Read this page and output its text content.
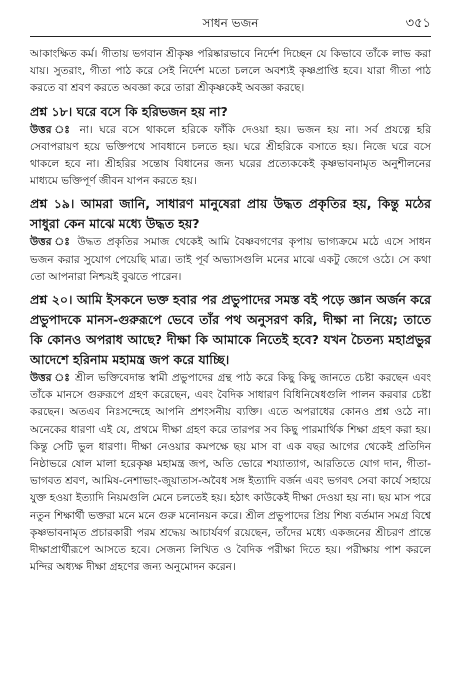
সাধন ভজন	৩৫১

আকাংক্ষিত কর্ম। গীতায় ভগবান শ্রীকৃষ্ণ পরিষ্কারভাবে নির্দেশ দিচ্ছেন যে কিভাবে তাঁকে লাভ করা যায়। সুতরাং, গীতা পাঠ করে সেই নির্দেশ মতো চললে অবশ্যই কৃষ্ণপ্রাপ্তি হবে। যারা গীতা পাঠ করতে বা শ্রবণ করতে অবজ্ঞা করে তারা শ্রীকৃষ্ণকেই অবজ্ঞা করছে।

প্রশ্ন ১৮। ঘরে বসে কি হরিভজন হয় না?

উত্তর ঃ না। ঘরে বসে থাকলে হরিকে ফাঁকি দেওয়া হয়। ভজন হয় না। সর্ব প্রযত্নে হরি সেবাপরায়ণ হয়ে ভক্তিপথে সাবধানে চলতে হয়। ঘরে শ্রীহরিকে বসাতে হয়। নিজে ঘরে বসে থাকলে হবে না। শ্রীহরির সন্তোষ বিধানের জন্য ঘরের প্রত্যেককেই কৃষ্ণভাবনামৃত অনুশীলনের মাধ্যমে ভক্তিপূর্ণ জীবন যাপন করতে হয়।

প্রশ্ন ১৯। আমরা জানি, সাধারণ মানুষেরা প্রায় উদ্ধত প্রকৃতির হয়, কিন্তু মঠের সাধুরা কেন মাঝে মধ্যে উদ্ধত হয়?

উত্তর ঃ উদ্ধত প্রকৃতির সমাজ থেকেই আমি বৈষ্ণবগণের কৃপায় ভাগ্যক্রমে মঠে এসে সাধন ভজন করার সুযোগ পেয়েছি মাত্র। তাই পূর্ব অভ্যাসগুলি মনের মাঝে একটু জেগে ওঠে। সে কথা তো আপনারা নিশ্চয়ই বুঝতে পারেন।

প্রশ্ন ২০। আমি ইসকনে ভক্ত হবার পর প্রভুপাদের সমস্ত বই পড়ে জ্ঞান অর্জন করে প্রভুপাদকে মানস-গুরুরূপে ভেবে তাঁর পথ অনুসরণ করি, দীক্ষা না নিয়ে; তাতে কি কোনও অপরাধ আছে? দীক্ষা কি আমাকে নিতেই হবে? যখন চৈতন্য মহাপ্রভুর আদেশে হরিনাম মহামন্ত্র জপ করে যাচ্ছি।

উত্তর ঃ শ্রীল ভক্তিবেদান্ত স্বামী প্রভুপাদের গ্রন্থ পাঠ করে কিছু কিছু জানতে চেষ্টা করছেন এবং তাঁকে মানসে গুরুরূপে গ্রহণ করেছেন, এবং বৈদিক সাধারণ বিধিনিষেধগুলি পালন করবার চেষ্টা করছেন। অতএব নিঃসন্দেহে আপনি প্রশংসনীয় ব্যক্তি। এতে অপরাধের কোনও প্রশ্ন ওঠে না। অনেকের ধারণা এই যে, প্রথমে দীক্ষা গ্রহণ করে তারপর সব কিছু পারমার্থিক শিক্ষা গ্রহণ করা হয়। কিন্তু সেটি ভুল ধারণা। দীক্ষা নেওয়ার কমপক্ষে ছয় মাস বা এক বছর আগের থেকেই প্রতিদিন নিষ্ঠাভরে ষোল মালা হরেকৃষ্ণ মহামন্ত্র জপ, অতি ভোরে শয্যাত্যাগ, আরতিতে যোগ দান, গীতা-ভাগবত শ্রবণ, আমিষ-নেশাভাং-জুয়াতাস-অবৈধ সঙ্গ ইত্যাদি বর্জন এবং ভগবৎ সেবা কার্যে সহায়ে যুক্ত হওয়া ইত্যাদি নিয়মগুলি মেনে চলতেই হয়। হঠাৎ কাউকেই দীক্ষা দেওয়া হয় না। ছয় মাস পরে নতুন শিক্ষার্থী ভক্তরা মনে মনে গুরু মনোনয়ন করে। শ্রীল প্রভুপাদের প্রিয় শিষ্য বর্তমান সমগ্র বিশ্বে কৃষ্ণভাবনামৃত প্রচারকারী পরম শ্রদ্ধেয় আচার্যবর্গ রয়েছেন, তাঁদের মধ্যে একজনের শ্রীচরণ প্রান্তে দীক্ষাপ্রার্থীরূপে আসতে হবে। সেজন্য লিখিত ও বৈদিক পরীক্ষা দিতে হয়। পরীক্ষায় পাশ করলে মন্দির অধ্যক্ষ দীক্ষা গ্রহণের জন্য অনুমোদন করেন।
